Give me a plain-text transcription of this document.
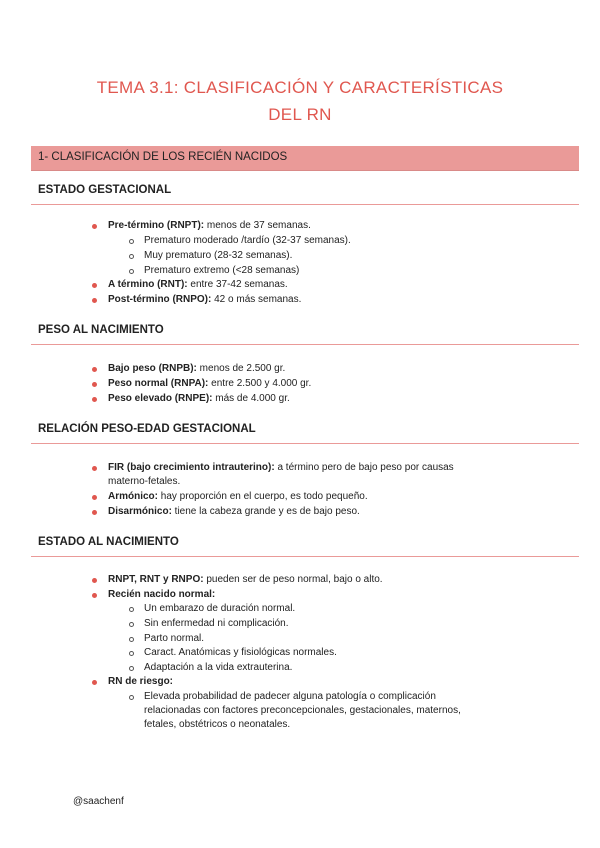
TEMA 3.1: CLASIFICACIÓN Y CARACTERÍSTICAS
DEL RN
1- CLASIFICACIÓN DE LOS RECIÉN NACIDOS
ESTADO GESTACIONAL
Pre-término (RNPT): menos de 37 semanas.
Prematuro moderado /tardío (32-37 semanas).
Muy prematuro (28-32 semanas).
Prematuro extremo (<28 semanas)
A término (RNT): entre 37-42 semanas.
Post-término (RNPO): 42 o más semanas.
PESO AL NACIMIENTO
Bajo peso (RNPB): menos de 2.500 gr.
Peso normal (RNPA): entre 2.500 y 4.000 gr.
Peso elevado (RNPE): más de 4.000 gr.
RELACIÓN PESO-EDAD GESTACIONAL
FIR (bajo crecimiento intrauterino): a término pero de bajo peso por causas
materno-fetales.
Armónico: hay proporción en el cuerpo, es todo pequeño.
Disarmónico: tiene la cabeza grande y es de bajo peso.
ESTADO AL NACIMIENTO
RNPT, RNT y RNPO: pueden ser de peso normal, bajo o alto.
Recién nacido normal:
Un embarazo de duración normal.
Sin enfermedad ni complicación.
Parto normal.
Caract. Anatómicas y fisiológicas normales.
Adaptación a la vida extrauterina.
RN de riesgo:
Elevada probabilidad de padecer alguna patología o complicación
relacionadas con factores preconcepcionales, gestacionales, maternos,
fetales, obstétricos o neonatales.
@saachenf
